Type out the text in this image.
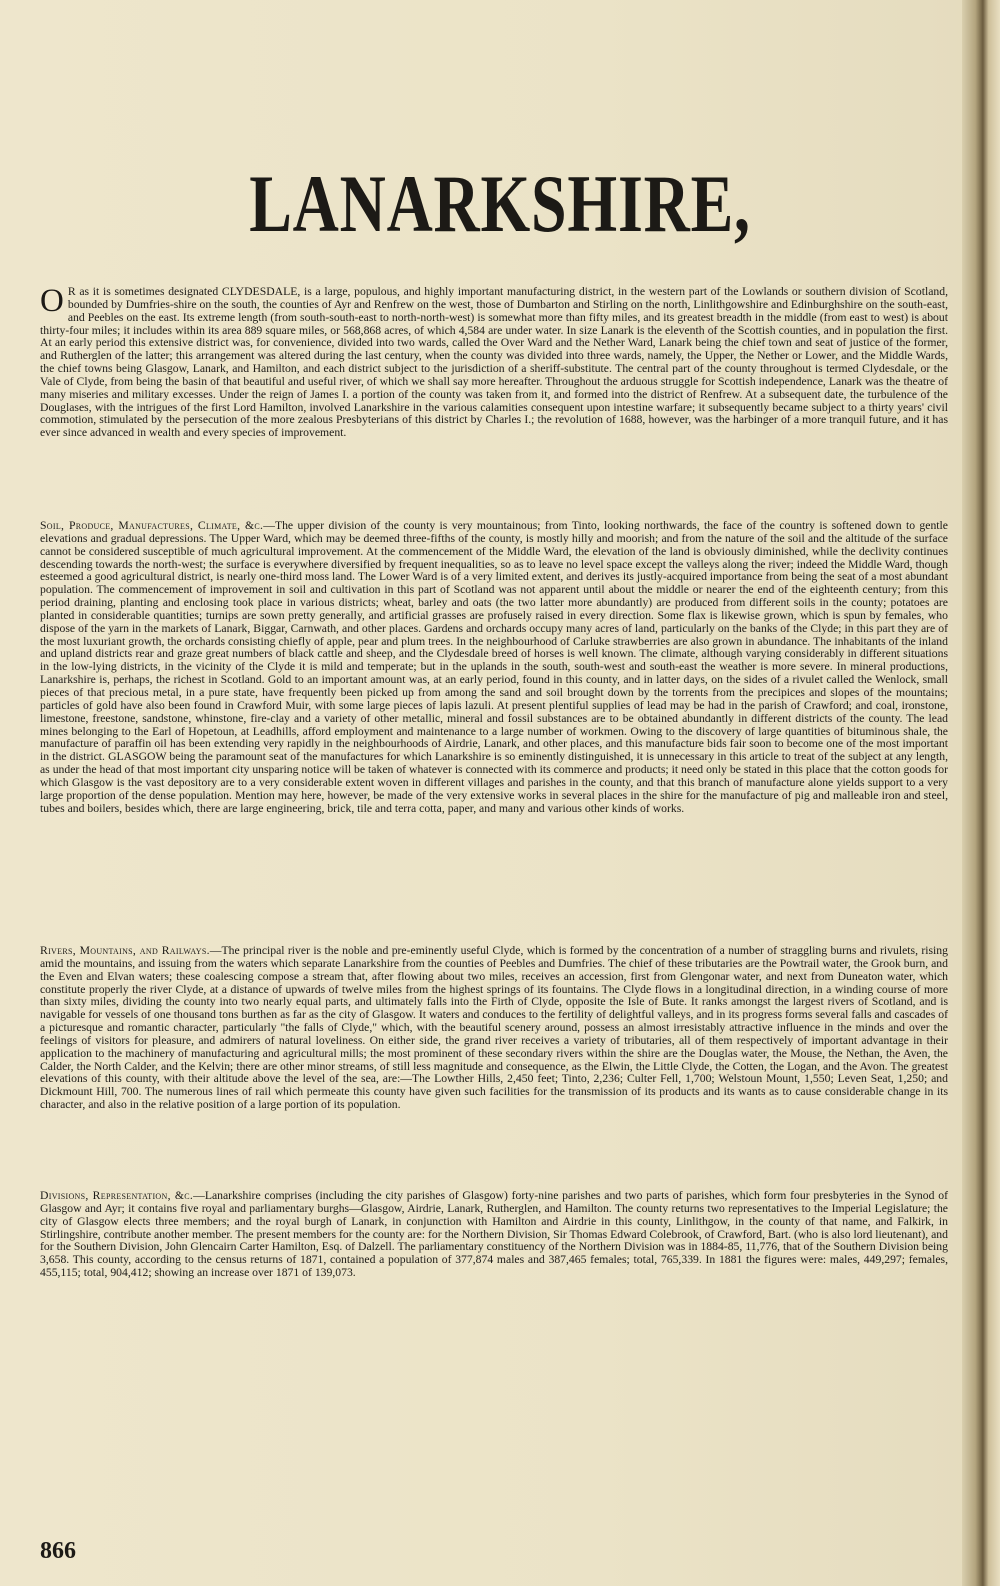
LANARKSHIRE,
O R as it is sometimes designated CLYDESDALE, is a large, populous, and highly important manufacturing district, in the western part of the Lowlands or southern division of Scotland, bounded by Dumfries-shire on the south, the counties of Ayr and Renfrew on the west, those of Dumbarton and Stirling on the north, Linlithgowshire and Edinburghshire on the south-east, and Peebles on the east. Its extreme length (from south-south-east to north-north-west) is somewhat more than fifty miles, and its greatest breadth in the middle (from east to west) is about thirty-four miles; it includes within its area 889 square miles, or 568,868 acres, of which 4,584 are under water. In size Lanark is the eleventh of the Scottish counties, and in population the first. At an early period this extensive district was, for convenience, divided into two wards, called the Over Ward and the Nether Ward, Lanark being the chief town and seat of justice of the former, and Rutherglen of the latter; this arrangement was altered during the last century, when the county was divided into three wards, namely, the Upper, the Nether or Lower, and the Middle Wards, the chief towns being Glasgow, Lanark, and Hamilton, and each district subject to the jurisdiction of a sheriff-substitute. The central part of the county throughout is termed Clydesdale, or the Vale of Clyde, from being the basin of that beautiful and useful river, of which we shall say more hereafter. Throughout the arduous struggle for Scottish independence, Lanark was the theatre of many miseries and military excesses. Under the reign of James I. a portion of the county was taken from it, and formed into the district of Renfrew. At a subsequent date, the turbulence of the Douglases, with the intrigues of the first Lord Hamilton, involved Lanarkshire in the various calamities consequent upon intestine warfare; it subsequently became subject to a thirty years' civil commotion, stimulated by the persecution of the more zealous Presbyterians of this district by Charles I.; the revolution of 1688, however, was the harbinger of a more tranquil future, and it has ever since advanced in wealth and every species of improvement.
Soil, Produce, Manufactures, Climate, &c.—The upper division of the county is very mountainous; from Tinto, looking northwards, the face of the country is softened down to gentle elevations and gradual depressions. The Upper Ward, which may be deemed three-fifths of the county, is mostly hilly and moorish; and from the nature of the soil and the altitude of the surface cannot be considered susceptible of much agricultural improvement. At the commencement of the Middle Ward, the elevation of the land is obviously diminished, while the declivity continues descending towards the north-west; the surface is everywhere diversified by frequent inequalities, so as to leave no level space except the valleys along the river; indeed the Middle Ward, though esteemed a good agricultural district, is nearly one-third moss land. The Lower Ward is of a very limited extent, and derives its justly-acquired importance from being the seat of a most abundant population. The commencement of improvement in soil and cultivation in this part of Scotland was not apparent until about the middle or nearer the end of the eighteenth century; from this period draining, planting and enclosing took place in various districts; wheat, barley and oats (the two latter more abundantly) are produced from different soils in the county; potatoes are planted in considerable quantities; turnips are sown pretty generally, and artificial grasses are profusely raised in every direction. Some flax is likewise grown, which is spun by females, who dispose of the yarn in the markets of Lanark, Biggar, Carnwath, and other places. Gardens and orchards occupy many acres of land, particularly on the banks of the Clyde; in this part they are of the most luxuriant growth, the orchards consisting chiefly of apple, pear and plum trees. In the neighbourhood of Carluke strawberries are also grown in abundance. The inhabitants of the inland and upland districts rear and graze great numbers of black cattle and sheep, and the Clydesdale breed of horses is well known. The climate, although varying considerably in different situations in the low-lying districts, in the vicinity of the Clyde it is mild and temperate; but in the uplands in the south, south-west and south-east the weather is more severe. In mineral productions, Lanarkshire is, perhaps, the richest in Scotland. Gold to an important amount was, at an early period, found in this county, and in latter days, on the sides of a rivulet called the Wenlock, small pieces of that precious metal, in a pure state, have frequently been picked up from among the sand and soil brought down by the torrents from the precipices and slopes of the mountains; particles of gold have also been found in Crawford Muir, with some large pieces of lapis lazuli. At present plentiful supplies of lead may be had in the parish of Crawford; and coal, ironstone, limestone, freestone, sandstone, whinstone, fire-clay and a variety of other metallic, mineral and fossil substances are to be obtained abundantly in different districts of the county. The lead mines belonging to the Earl of Hopetoun, at Leadhills, afford employment and maintenance to a large number of workmen. Owing to the discovery of large quantities of bituminous shale, the manufacture of paraffin oil has been extending very rapidly in the neighbourhoods of Airdrie, Lanark, and other places, and this manufacture bids fair soon to become one of the most important in the district. GLASGOW being the paramount seat of the manufactures for which Lanarkshire is so eminently distinguished, it is unnecessary in this article to treat of the subject at any length, as under the head of that most important city unsparing notice will be taken of whatever is connected with its commerce and products; it need only be stated in this place that the cotton goods for which Glasgow is the vast depository are to a very considerable extent woven in different villages and parishes in the county, and that this branch of manufacture alone yields support to a very large proportion of the dense population. Mention may here, however, be made of the very extensive works in several places in the shire for the manufacture of pig and malleable iron and steel, tubes and boilers, besides which, there are large engineering, brick, tile and terra cotta, paper, and many and various other kinds of works.
Rivers, Mountains, and Railways.—The principal river is the noble and pre-eminently useful Clyde, which is formed by the concentration of a number of straggling burns and rivulets, rising amid the mountains, and issuing from the waters which separate Lanarkshire from the counties of Peebles and Dumfries. The chief of these tributaries are the Powtrail water, the Grook burn, and the Even and Elvan waters; these coalescing compose a stream that, after flowing about two miles, receives an accession, first from Glengonar water, and next from Duneaton water, which constitute properly the river Clyde, at a distance of upwards of twelve miles from the highest springs of its fountains. The Clyde flows in a longitudinal direction, in a winding course of more than sixty miles, dividing the county into two nearly equal parts, and ultimately falls into the Firth of Clyde, opposite the Isle of Bute. It ranks amongst the largest rivers of Scotland, and is navigable for vessels of one thousand tons burthen as far as the city of Glasgow. It waters and conduces to the fertility of delightful valleys, and in its progress forms several falls and cascades of a picturesque and romantic character, particularly "the falls of Clyde," which, with the beautiful scenery around, possess an almost irresistably attractive influence in the minds and over the feelings of visitors for pleasure, and admirers of natural loveliness. On either side, the grand river receives a variety of tributaries, all of them respectively of important advantage in their application to the machinery of manufacturing and agricultural mills; the most prominent of these secondary rivers within the shire are the Douglas water, the Mouse, the Nethan, the Aven, the Calder, the North Calder, and the Kelvin; there are other minor streams, of still less magnitude and consequence, as the Elwin, the Little Clyde, the Cotten, the Logan, and the Avon. The greatest elevations of this county, with their altitude above the level of the sea, are:—The Lowther Hills, 2,450 feet; Tinto, 2,236; Culter Fell, 1,700; Welstoun Mount, 1,550; Leven Seat, 1,250; and Dickmount Hill, 700. The numerous lines of rail which permeate this county have given such facilities for the transmission of its products and its wants as to cause considerable change in its character, and also in the relative position of a large portion of its population.
Divisions, Representation, &c.—Lanarkshire comprises (including the city parishes of Glasgow) forty-nine parishes and two parts of parishes, which form four presbyteries in the Synod of Glasgow and Ayr; it contains five royal and parliamentary burghs—Glasgow, Airdrie, Lanark, Rutherglen, and Hamilton. The county returns two representatives to the Imperial Legislature; the city of Glasgow elects three members; and the royal burgh of Lanark, in conjunction with Hamilton and Airdrie in this county, Linlithgow, in the county of that name, and Falkirk, in Stirlingshire, contribute another member. The present members for the county are: for the Northern Division, Sir Thomas Edward Colebrook, of Crawford, Bart. (who is also lord lieutenant), and for the Southern Division, John Glencairn Carter Hamilton, Esq. of Dalzell. The parliamentary constituency of the Northern Division was in 1884-85, 11,776, that of the Southern Division being 3,658. This county, according to the census returns of 1871, contained a population of 377,874 males and 387,465 females; total, 765,339. In 1881 the figures were: males, 449,297; females, 455,115; total, 904,412; showing an increase over 1871 of 139,073.
866
